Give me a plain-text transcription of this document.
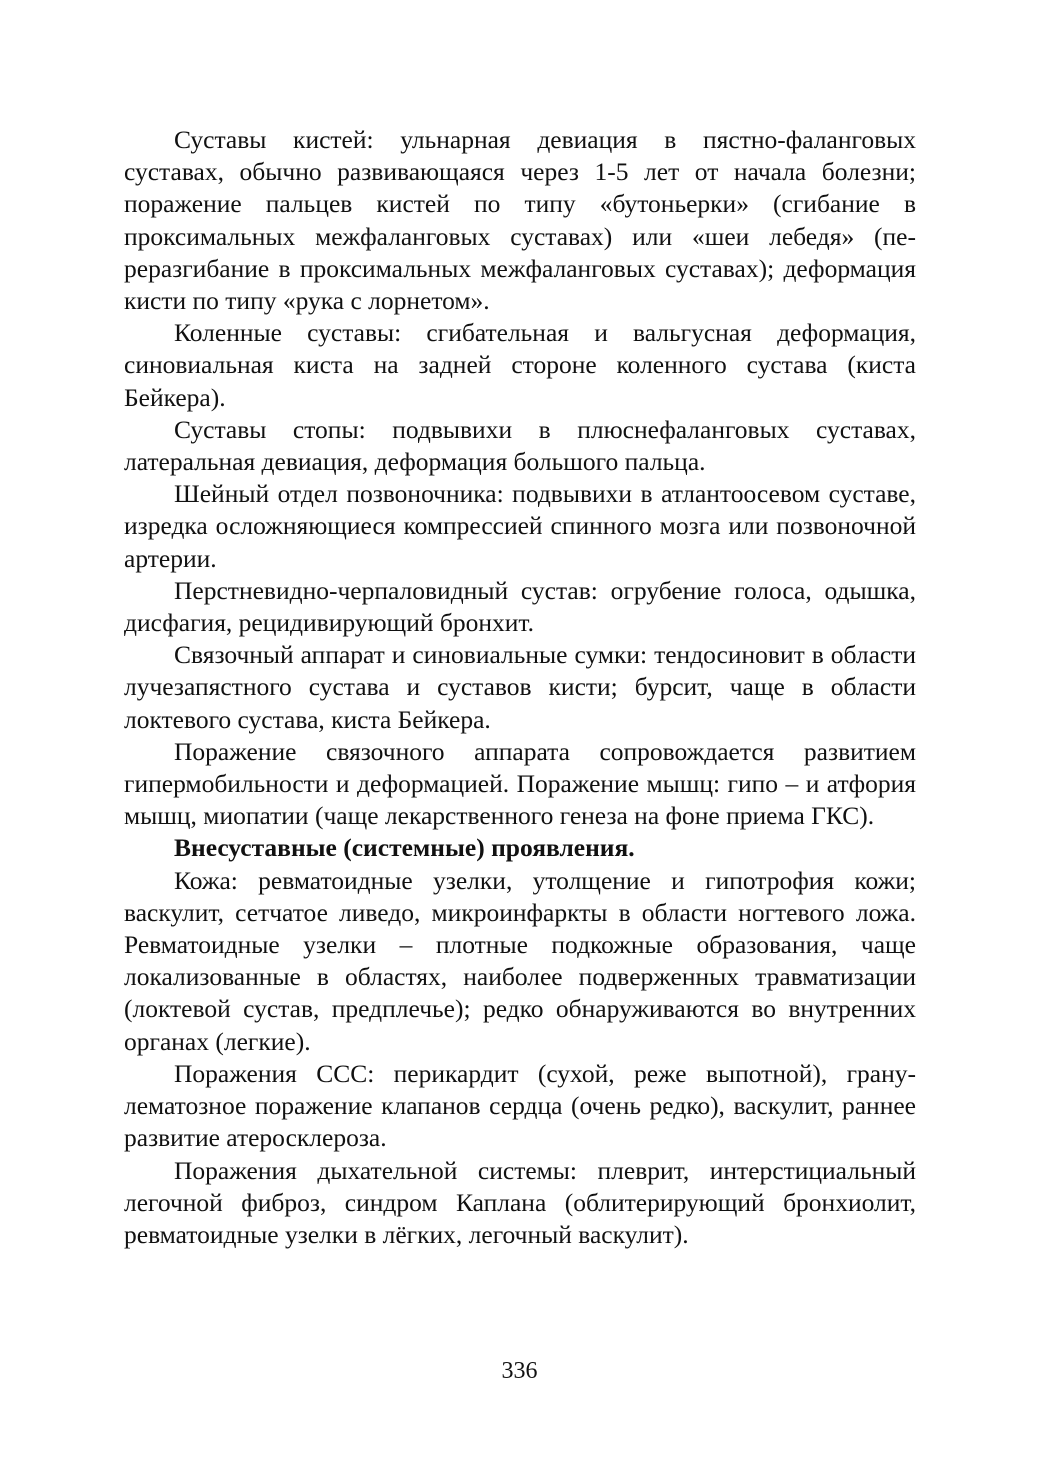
Суставы кистей: ульнарная девиация в пястно-фаланговых суставах, обычно развивающаяся через 1-5 лет от начала болезни; поражение пальцев кистей по типу «бутоньерки» (сгибание в проксимальных межфаланговых суставах) или «шеи лебедя» (переразгибание в проксимальных межфаланговых суставах); деформация кисти по типу «рука с лорнетом».

Коленные суставы: сгибательная и вальгусная деформация, синовиальная киста на задней стороне коленного сустава (киста Бейкера).

Суставы стопы: подвывихи в плюснефаланговых суставах, латеральная девиация, деформация большого пальца.

Шейный отдел позвоночника: подвывихи в атлантоосевом суставе, изредка осложняющиеся компрессией спинного мозга или позвоночной артерии.

Перстневидно-черпаловидный сустав: огрубение голоса, одышка, дисфагия, рецидивирующий бронхит.

Связочный аппарат и синовиальные сумки: тендосиновит в области лучезапястного сустава и суставов кисти; бурсит, чаще в области локтевого сустава, киста Бейкера.

Поражение связочного аппарата сопровождается развитием гипермобильности и деформацией. Поражение мышц: гипо – и атфория мышц, миопатии (чаще лекарственного генеза на фоне приема ГКС).

Внесуставные (системные) проявления.

Кожа: ревматоидные узелки, утолщение и гипотрофия кожи; васкулит, сетчатое ливедо, микроинфаркты в области ногтевого ложа. Ревматоидные узелки – плотные подкожные образования, чаще локализованные в областях, наиболее подверженных травматизации (локтевой сустав, предплечье); редко обнаруживаются во внутренних органах (легкие).

Поражения ССС: перикардит (сухой, реже выпотной), гранулематозное поражение клапанов сердца (очень редко), васкулит, раннее развитие атеросклероза.

Поражения дыхательной системы: плеврит, интерстициальный легочной фиброз, синдром Каплана (облитерирующий бронхиолит, ревматоидные узелки в лёгких, легочный васкулит).

336
